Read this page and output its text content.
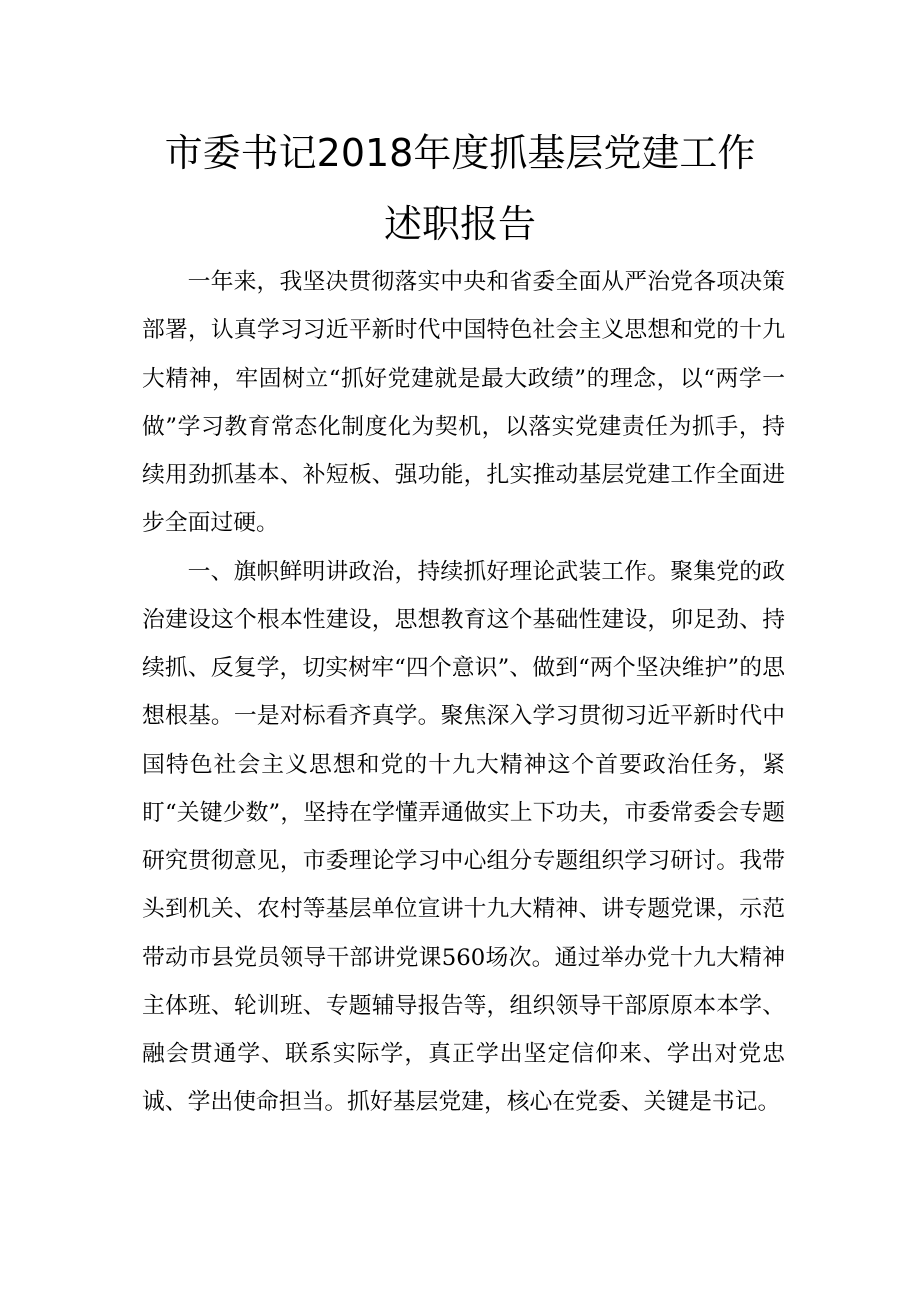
市委书记2018年度抓基层党建工作
述职报告

一年来，我坚决贯彻落实中央和省委全面从严治党各项决策部署，认真学习习近平新时代中国特色社会主义思想和党的十九大精神，牢固树立“抓好党建就是最大政绩”的理念，以“两学一做”学习教育常态化制度化为契机，以落实党建责任为抓手，持续用劲抓基本、补短板、强功能，扎实推动基层党建工作全面进步全面过硬。

一、旗帜鲜明讲政治，持续抓好理论武装工作。聚集党的政治建设这个根本性建设，思想教育这个基础性建设，卯足劲、持续抓、反复学，切实树牢“四个意识”、做到“两个坚决维护”的思想根基。一是对标看齐真学。聚焦深入学习贯彻习近平新时代中国特色社会主义思想和党的十九大精神这个首要政治任务，紧盯“关键少数”，坚持在学懂弄通做实上下功夫，市委常委会专题研究贯彻意见，市委理论学习中心组分专题组织学习研讨。我带头到机关、农村等基层单位宣讲十九大精神、讲专题党课，示范带动市县党员领导干部讲党课560场次。通过举办党十九大精神主体班、轮训班、专题辅导报告等，组织领导干部原原本本学、融会贯通学、联系实际学，真正学出坚定信仰来、学出对党忠诚、学出使命担当。抓好基层党建，核心在党委、关键是书记。
